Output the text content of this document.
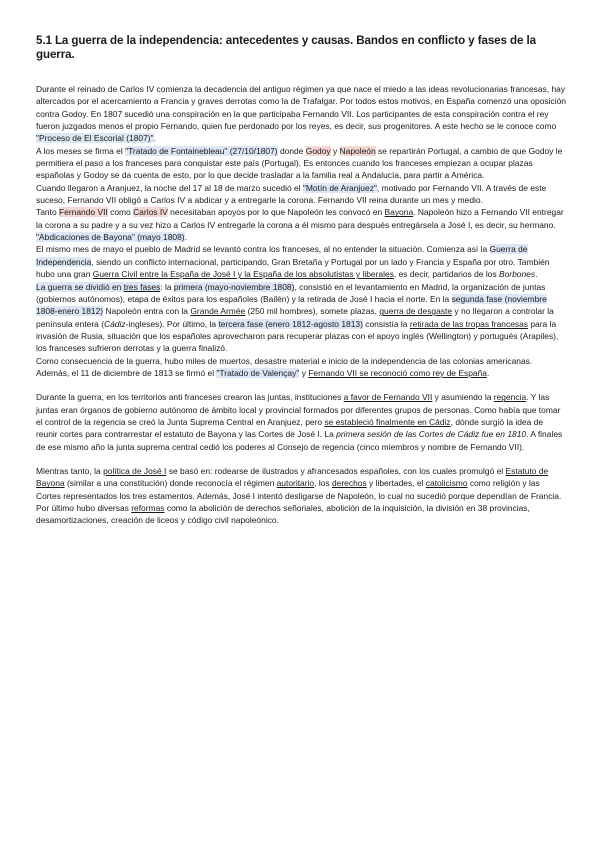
5.1 La guerra de la independencia: antecedentes y causas. Bandos en conflicto y fases de la guerra.

Durante el reinado de Carlos IV comienza la decadencia del antiguo régimen ya que nace el miedo a las ideas revolucionarias francesas, hay altercados por el acercamiento a Francia y graves derrotas como la de Trafalgar. Por todos estos motivos, en España comenzó una oposición contra Godoy. En 1807 sucedió una conspiración en la que participaba Fernando VII. Los participantes de esta conspiración contra el rey fueron juzgados menos el propio Fernando, quien fue perdonado por los reyes, es decir, sus progenitores. A este hecho se le conoce como "Proceso de El Escorial (1807)".

A los meses se firma el "Tratado de Fontainebleau" (27/10/1807) donde Godoy y Napoleón se repartirán Portugal, a cambio de que Godoy le permitiera el paso a los franceses para conquistar este país (Portugal). Es entonces cuando los franceses empiezan a ocupar plazas españolas y Godoy se da cuenta de esto, por lo que decide trasladar a la familia real a Andalucía, para partir a América.

Cuando llegaron a Aranjuez, la noche del 17 al 18 de marzo sucedió el "Motín de Aranjuez", motivado por Fernando VII. A través de este suceso, Fernando VII obligó a Carlos IV a abdicar y a entregarle la corona. Fernando VII reina durante un mes y medio.

Tanto Fernando VII como Carlos IV necesitaban apoyos por lo que Napoleón les convocó en Bayona. Napoleón hizo a Fernando VII entregar la corona a su padre y a su vez hizo a Carlos IV entregarle la corona a él mismo para después entregársela a José I, es decir, su hermano. "Abdicaciones de Bayona" (mayo 1808).

El mismo mes de mayo el pueblo de Madrid se levantó contra los franceses, al no entender la situación. Comienza así la Guerra de Independencia, siendo un conflicto internacional, participando, Gran Bretaña y Portugal por un lado y Francia y España por otro. También hubo una gran Guerra Civil entre la España de José I y la España de los absolutistas y liberales, es decir, partidarios de los Borbones.

La guerra se dividió en tres fases: la primera (mayo-noviembre 1808), consistió en el levantamiento en Madrid, la organización de juntas (gobiernos autónomos), etapa de éxitos para los españoles (Bailén) y la retirada de José I hacia el norte. En la segunda fase (noviembre 1808-enero 1812) Napoleón entra con la Grande Armée (250 mil hombres), somete plazas, guerra de desgaste y no llegaron a controlar la península entera (Cádiz-ingleses). Por último, la tercera fase (enero 1812-agosto 1813) consistía la retirada de las tropas francesas para la invasión de Rusia, situación que los españoles aprovecharon para recuperar plazas con el apoyo inglés (Wellington) y portugués (Arapiles), los franceses sufrieron derrotas y la guerra finalizó.

Como consecuencia de la guerra, hubo miles de muertos, desastre material e inicio de la independencia de las colonias americanas. Además, el 11 de diciembre de 1813 se firmó el "Tratado de Valençay" y Fernando VII se reconoció como rey de España.

Durante la guerra, en los territorios anti franceses crearon las juntas, instituciones a favor de Fernando VII y asumiendo la regencia. Y las juntas eran órganos de gobierno autónomo de ámbito local y provincial formados por diferentes grupos de personas. Como había que tomar el control de la regencia se creó la Junta Suprema Central en Aranjuez, pero se estableció finalmente en Cádiz, dónde surgió la idea de reunir cortes para contrarrestar el estatuto de Bayona y las Cortes de José I. La primera sesión de las Cortes de Cádiz fue en 1810. A finales de ese mismo año la junta suprema central cedió los poderes al Consejo de regencia (cinco miembros y nombre de Fernando VII).

Mientras tanto, la política de José I se basó en: rodearse de ilustrados y afrancesados españoles, con los cuales promulgó el Estatuto de Bayona (similar a una constitución) donde reconocía el régimen autoritario, los derechos y libertades, el catolicismo como religión y las Cortes representados los tres estamentos. Además, José I intentó desligarse de Napoleón, lo cual no sucedió porque dependían de Francia. Por último hubo diversas reformas como la abolición de derechos señoriales, abolición de la inquisición, la división en 38 provincias, desamortizaciones, creación de liceos y código civil napoleónico.
